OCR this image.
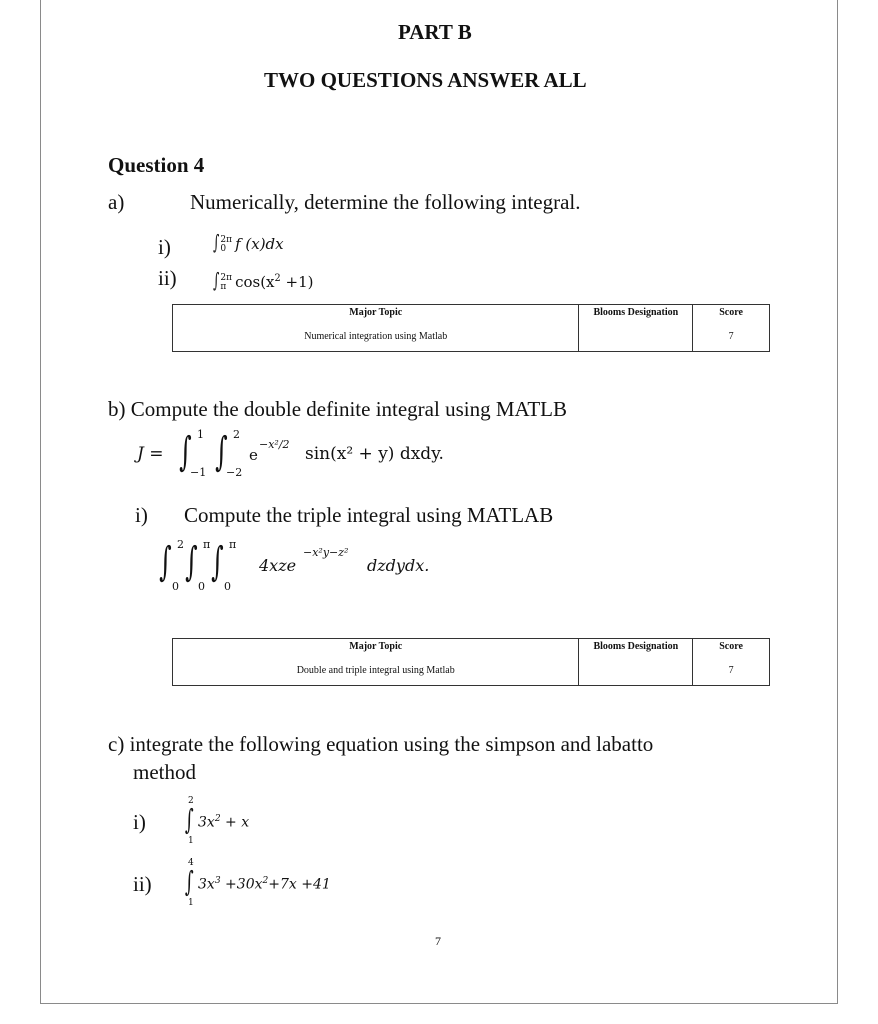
PART B
TWO QUESTIONS ANSWER ALL
Question 4
a)	Numerically, determine the following integral.
i) ∫ 2π
0 f (x)dx
ii) ∫ 2π
π $\cos(x^2 +1)$
Major Topic	Blooms Designation	Score
Numerical integration using Matlab		7
b) Compute the double definite integral using MATLB
J = ∫ 1
−1 ∫ 2
−2
e
−x²/2 sin(x² + y) dxdy.
i) Compute the triple integral using MATLAB
∫ 2
0
∫ π
0
∫ π
0
4xze
−x²y−z²
dzdydx.
Major Topic	Blooms Designation	Score
Double and triple integral using Matlab		7
c) integrate the following equation using the simpson and labatto
method
i)
2
∫
1
$3x^2 + x$
ii)
4
∫
1
$3x^3 +30x^2+7x +41$
7
